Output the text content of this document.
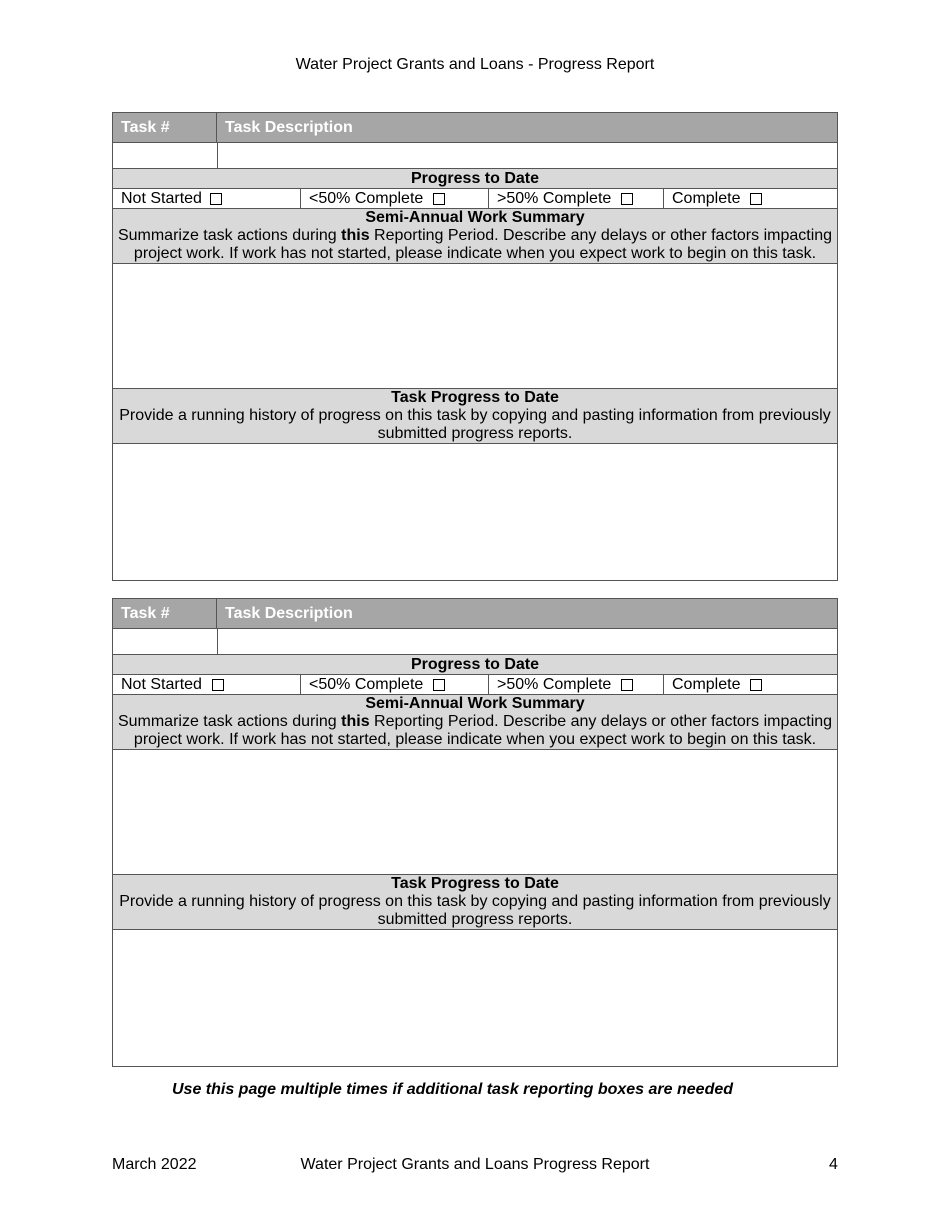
Water Project Grants and Loans - Progress Report
Task #	Task Description
Progress to Date
Not Started	<50% Complete	>50% Complete	Complete
Semi-Annual Work Summary
Summarize task actions during this Reporting Period. Describe any delays or other factors impacting project work. If work has not started, please indicate when you expect work to begin on this task.
Task Progress to Date
Provide a running history of progress on this task by copying and pasting information from previously submitted progress reports.
Task #	Task Description
Progress to Date
Not Started	<50% Complete	>50% Complete	Complete
Semi-Annual Work Summary
Summarize task actions during this Reporting Period. Describe any delays or other factors impacting project work. If work has not started, please indicate when you expect work to begin on this task.
Task Progress to Date
Provide a running history of progress on this task by copying and pasting information from previously submitted progress reports.
Use this page multiple times if additional task reporting boxes are needed
March 2022	Water Project Grants and Loans Progress Report	4
